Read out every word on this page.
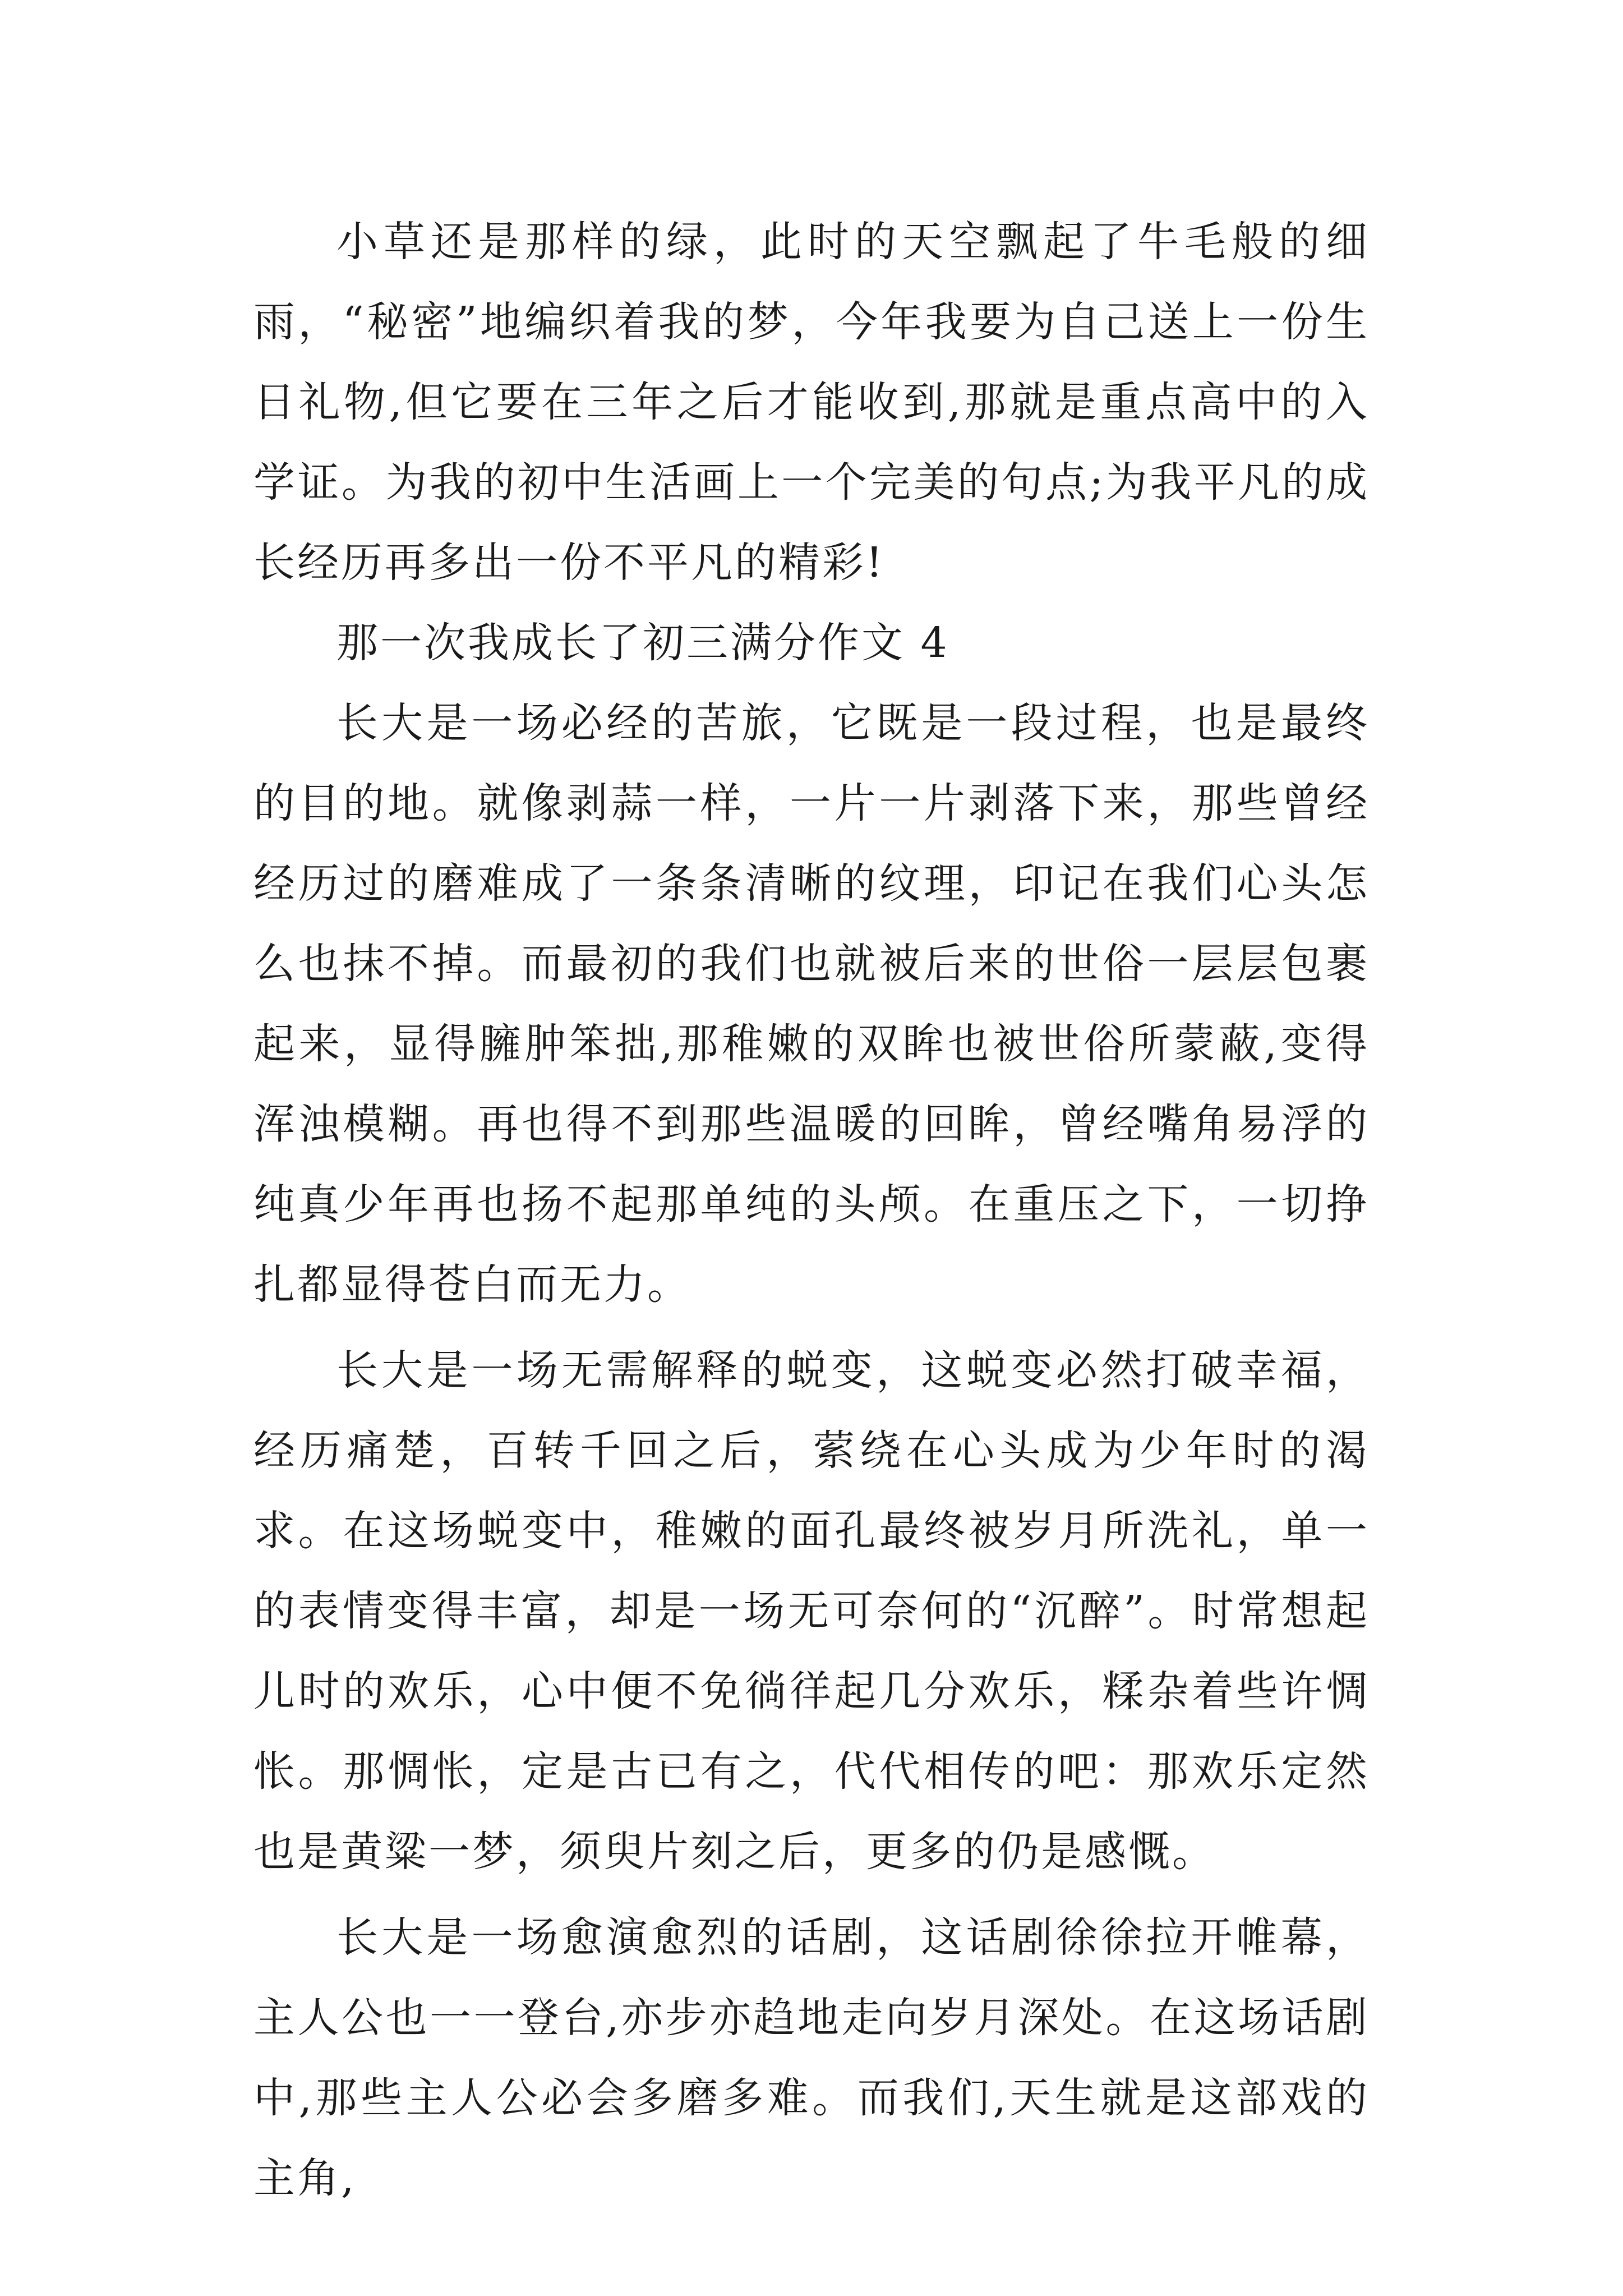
小草还是那样的绿，此时的天空飘起了牛毛般的细雨，“秘密”地编织着我的梦，今年我要为自己送上一份生日礼物,但它要在三年之后才能收到,那就是重点高中的入学证。为我的初中生活画上一个完美的句点;为我平凡的成长经历再多出一份不平凡的精彩!

那一次我成长了初三满分作文 4

长大是一场必经的苦旅，它既是一段过程，也是最终的目的地。就像剥蒜一样，一片一片剥落下来，那些曾经经历过的磨难成了一条条清晰的纹理，印记在我们心头怎么也抹不掉。而最初的我们也就被后来的世俗一层层包裹起来，显得臃肿笨拙,那稚嫩的双眸也被世俗所蒙蔽,变得浑浊模糊。再也得不到那些温暖的回眸，曾经嘴角易浮的纯真少年再也扬不起那单纯的头颅。在重压之下，一切挣扎都显得苍白而无力。

长大是一场无需解释的蜕变，这蜕变必然打破幸福，经历痛楚，百转千回之后，萦绕在心头成为少年时的渴求。在这场蜕变中，稚嫩的面孔最终被岁月所洗礼，单一的表情变得丰富，却是一场无可奈何的“沉醉”。时常想起儿时的欢乐，心中便不免徜徉起几分欢乐，糅杂着些许惆怅。那惆怅，定是古已有之，代代相传的吧：那欢乐定然也是黄粱一梦，须臾片刻之后，更多的仍是感慨。

长大是一场愈演愈烈的话剧，这话剧徐徐拉开帷幕，主人公也一一登台,亦步亦趋地走向岁月深处。在这场话剧中,那些主人公必会多磨多难。而我们,天生就是这部戏的主角,
